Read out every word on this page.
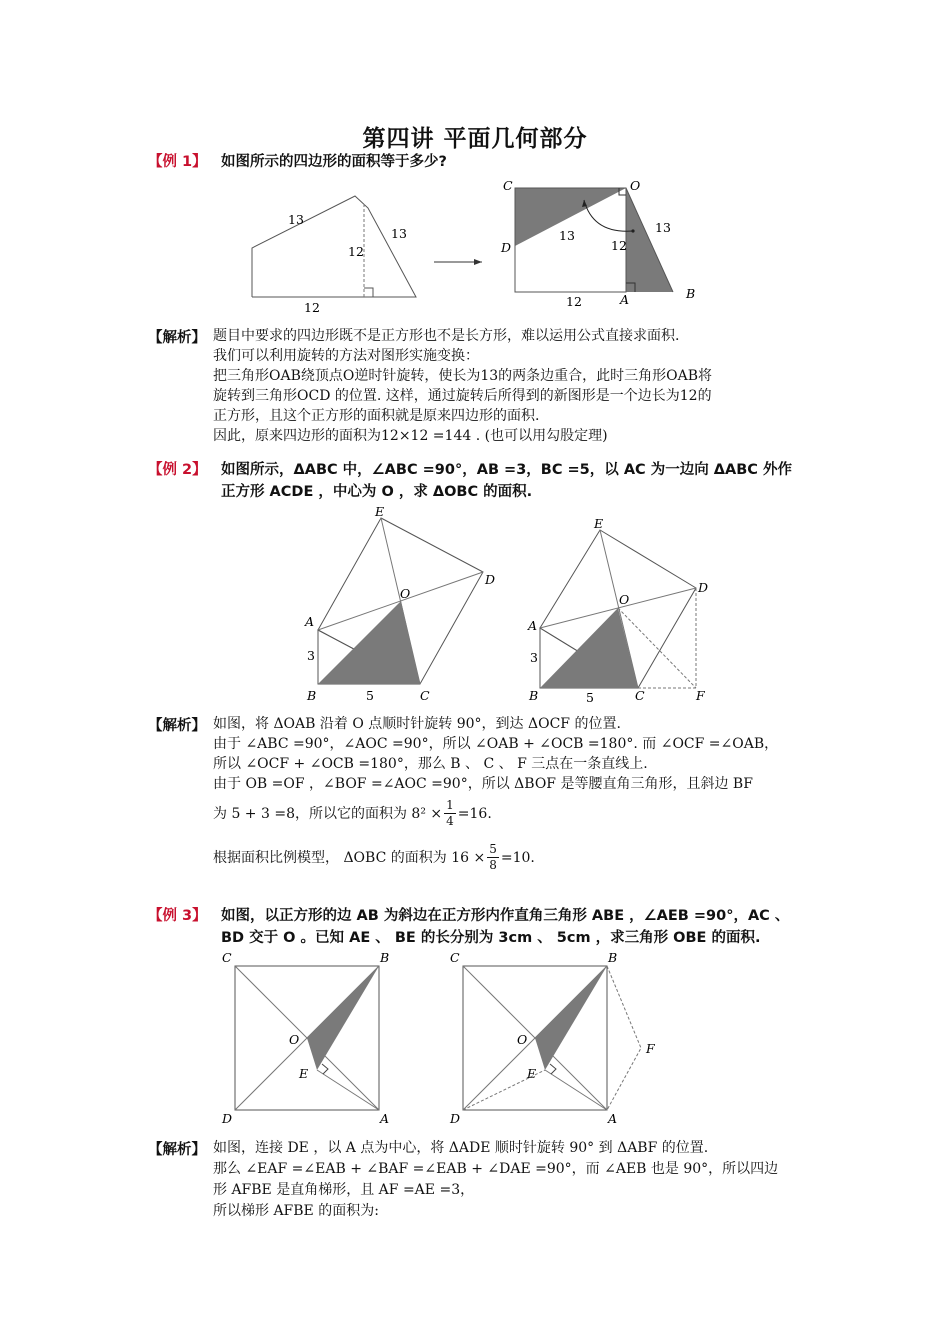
第四讲 平面几何部分
【例 1】 如图所示的四边形的面积等于多少?
13
13
12
12
C	O
D
A	B
13
13
12
12
【解析】 题目中要求的四边形既不是正方形也不是长方形，难以运用公式直接求面积.
我们可以利用旋转的方法对图形实施变换：
把三角形OAB绕顶点O逆时针旋转，使长为13的两条边重合，此时三角形OAB将
旋转到三角形OCD 的位置. 这样，通过旋转后所得到的新图形是一个边长为12的
正方形，且这个正方形的面积就是原来四边形的面积.
因此，原来四边形的面积为12×12 =144 . (也可以用勾股定理)
【例 2】 如图所示，ΔABC 中，∠ABC =90°，AB =3，BC =5，以 AC 为一边向 ΔABC 外作
正方形 ACDE ，中心为 O ，求 ΔOBC 的面积.
E
D
O
A
B	C
3
5
E
D
O
A
B	C	F
3
5
【解析】 如图，将 ΔOAB 沿着 O 点顺时针旋转 90°，到达 ΔOCF 的位置.
由于 ∠ABC =90°，∠AOC =90°，所以 ∠OAB + ∠OCB =180°. 而 ∠OCF =∠OAB，
所以 ∠OCF + ∠OCB =180°，那么 B 、 C 、 F 三点在一条直线上.
由于 OB =OF ，∠BOF =∠AOC =90°，所以 ΔBOF 是等腰直角三角形，且斜边 BF
为 5 + 3 =8，所以它的面积为 $8^2 \times \frac{1}{4} =16$.
根据面积比例模型， ΔOBC 的面积为 $16 \times \frac{5}{8} =10$.
【例 3】 如图，以正方形的边 AB 为斜边在正方形内作直角三角形 ABE ，∠AEB =90°，AC 、
BD 交于 O 。已知 AE 、 BE 的长分别为 3cm 、 5cm ，求三角形 OBE 的面积.
C	B
O
E
D	A
C	B
O
E
D	A
F
【解析】 如图，连接 DE ，以 A 点为中心，将 ΔADE 顺时针旋转 90° 到 ΔABF 的位置.
那么 ∠EAF =∠EAB + ∠BAF =∠EAB + ∠DAE =90°，而 ∠AEB 也是 90°，所以四边
形 AFBE 是直角梯形，且 AF =AE =3，
所以梯形 AFBE 的面积为:
